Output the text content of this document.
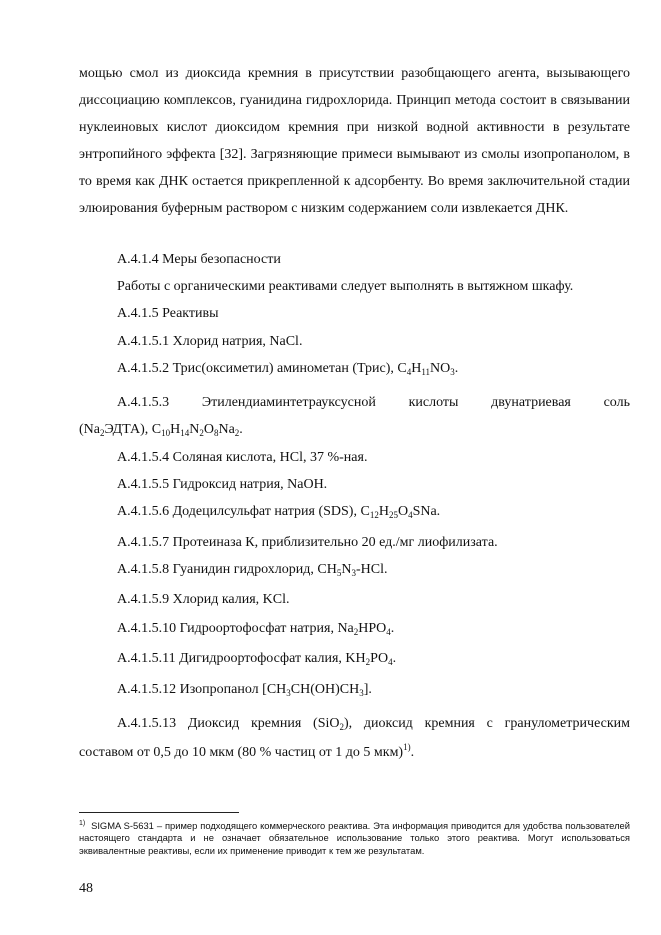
мощью смол из диоксида кремния в присутствии разобщающего агента, вызывающего диссоциацию комплексов, гуанидина гидрохлорида. Принцип метода состоит в связывании нуклеиновых кислот диоксидом кремния при низкой водной активности в результате энтропийного эффекта [32]. Загрязняющие примеси вымывают из смолы изопропанолом, в то время как ДНК остается прикрепленной к адсорбенту. Во время заключительной стадии элюирования буферным раствором с низким содержанием соли извлекается ДНК.

А.4.1.4 Меры безопасности

Работы с органическими реактивами следует выполнять в вытяжном шкафу.

А.4.1.5 Реактивы

А.4.1.5.1 Хлорид натрия, NaCl.

А.4.1.5.2 Трис(оксиметил) аминометан (Трис), $C_4H_{11}NO_3$.

А.4.1.5.3 Этилендиаминтетрауксусной кислоты двунатриевая соль
$(Na_2ЭДТА)$, $C_{10}H_{14}N_2O_8Na_2$.

А.4.1.5.4 Соляная кислота, HCl, 37 %-ная.

А.4.1.5.5 Гидроксид натрия, NaOH.

А.4.1.5.6 Додецилсульфат натрия (SDS), $C_{12}H_{25}O_4SNa$.

А.4.1.5.7 Протеиназа К, приблизительно 20 ед./мг лиофилизата.

А.4.1.5.8 Гуанидин гидрохлорид, $CH_5N_3$-HCl.

А.4.1.5.9 Хлорид калия, KCl.

А.4.1.5.10 Гидроортофосфат натрия, $Na_2HPO_4$.

А.4.1.5.11 Дигидроортофосфат калия, $KH_2PO_4$.

А.4.1.5.12 Изопропанол $[CH_3CH(OH)CH_3]$.

А.4.1.5.13 Диоксид кремния (SiO$_2$), диоксид кремния с гранулометрическим
составом от 0,5 до 10 мкм (80 % частиц от 1 до 5 мкм)$^{1)}$.

$^{1)}$ SIGMA S-5631 – пример подходящего коммерческого реактива. Эта информация приводится для удобства пользователей настоящего стандарта и не означает обязательное использование только этого реактива. Могут использоваться эквивалентные реактивы, если их применение приводит к тем же результатам.

48
